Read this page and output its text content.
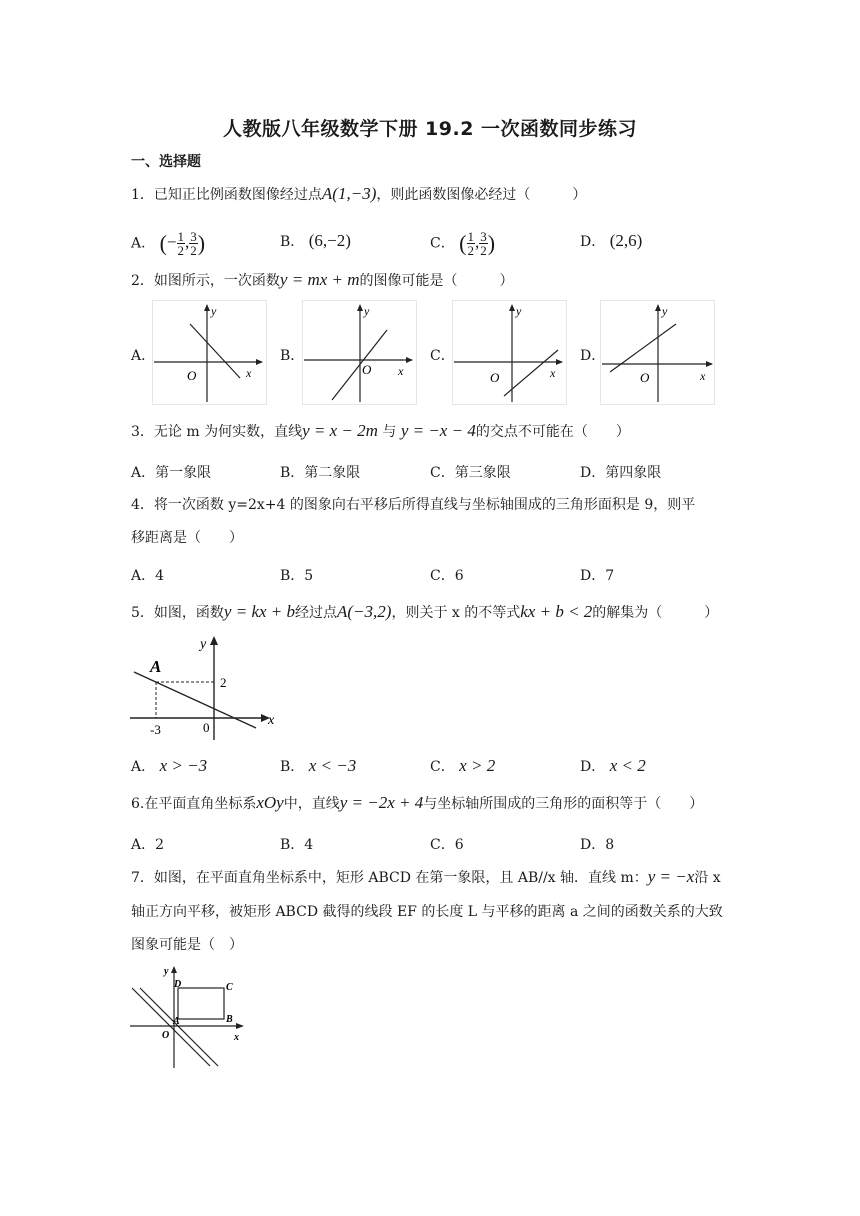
人教版八年级数学下册 19.2 一次函数同步练习
一、选择题
1．已知正比例函数图像经过点A(1,−3)，则此函数图像必经过（　　　）
A． (− $\frac{1}{2}$ , $\frac{3}{2}$ )	B． (6,−2)	C． ( $\frac{1}{2}$ , $\frac{3}{2}$ )	D． (2,6)
2．如图所示，一次函数y = mx + m的图像可能是（　　　）
A．
y
x
O
B．
y
x
O
C．
y
x
O
D．
y
x
O
3．无论 m 为何实数，直线y = x − 2m 与 y = −x − 4的交点不可能在（　　）
A．第一象限	B．第二象限	C．第三象限	D．第四象限
4．将一次函数 y=2x+4 的图象向右平移后所得直线与坐标轴围成的三角形面积是 9，则平
移距离是（　　）
A．4	B．5	C．6	D．7
5．如图，函数y = kx + b经过点A(−3,2)，则关于 x 的不等式kx + b < 2的解集为（　　　）
A
2
-3	0	x
y
A． x > −3	B． x < −3	C． x > 2	D． x < 2
6.在平面直角坐标系xOy中，直线y = −2x + 4与坐标轴所围成的三角形的面积等于（　　）
A．2	B．4	C．6	D．8
7．如图，在平面直角坐标系中，矩形 ABCD 在第一象限，且 AB//x 轴．直线 m：y = −x沿 x
轴正方向平移，被矩形 ABCD 截得的线段 EF 的长度 L 与平移的距离 a 之间的函数关系的大致
图象可能是（　）
y
x
D	C
B
A
O
